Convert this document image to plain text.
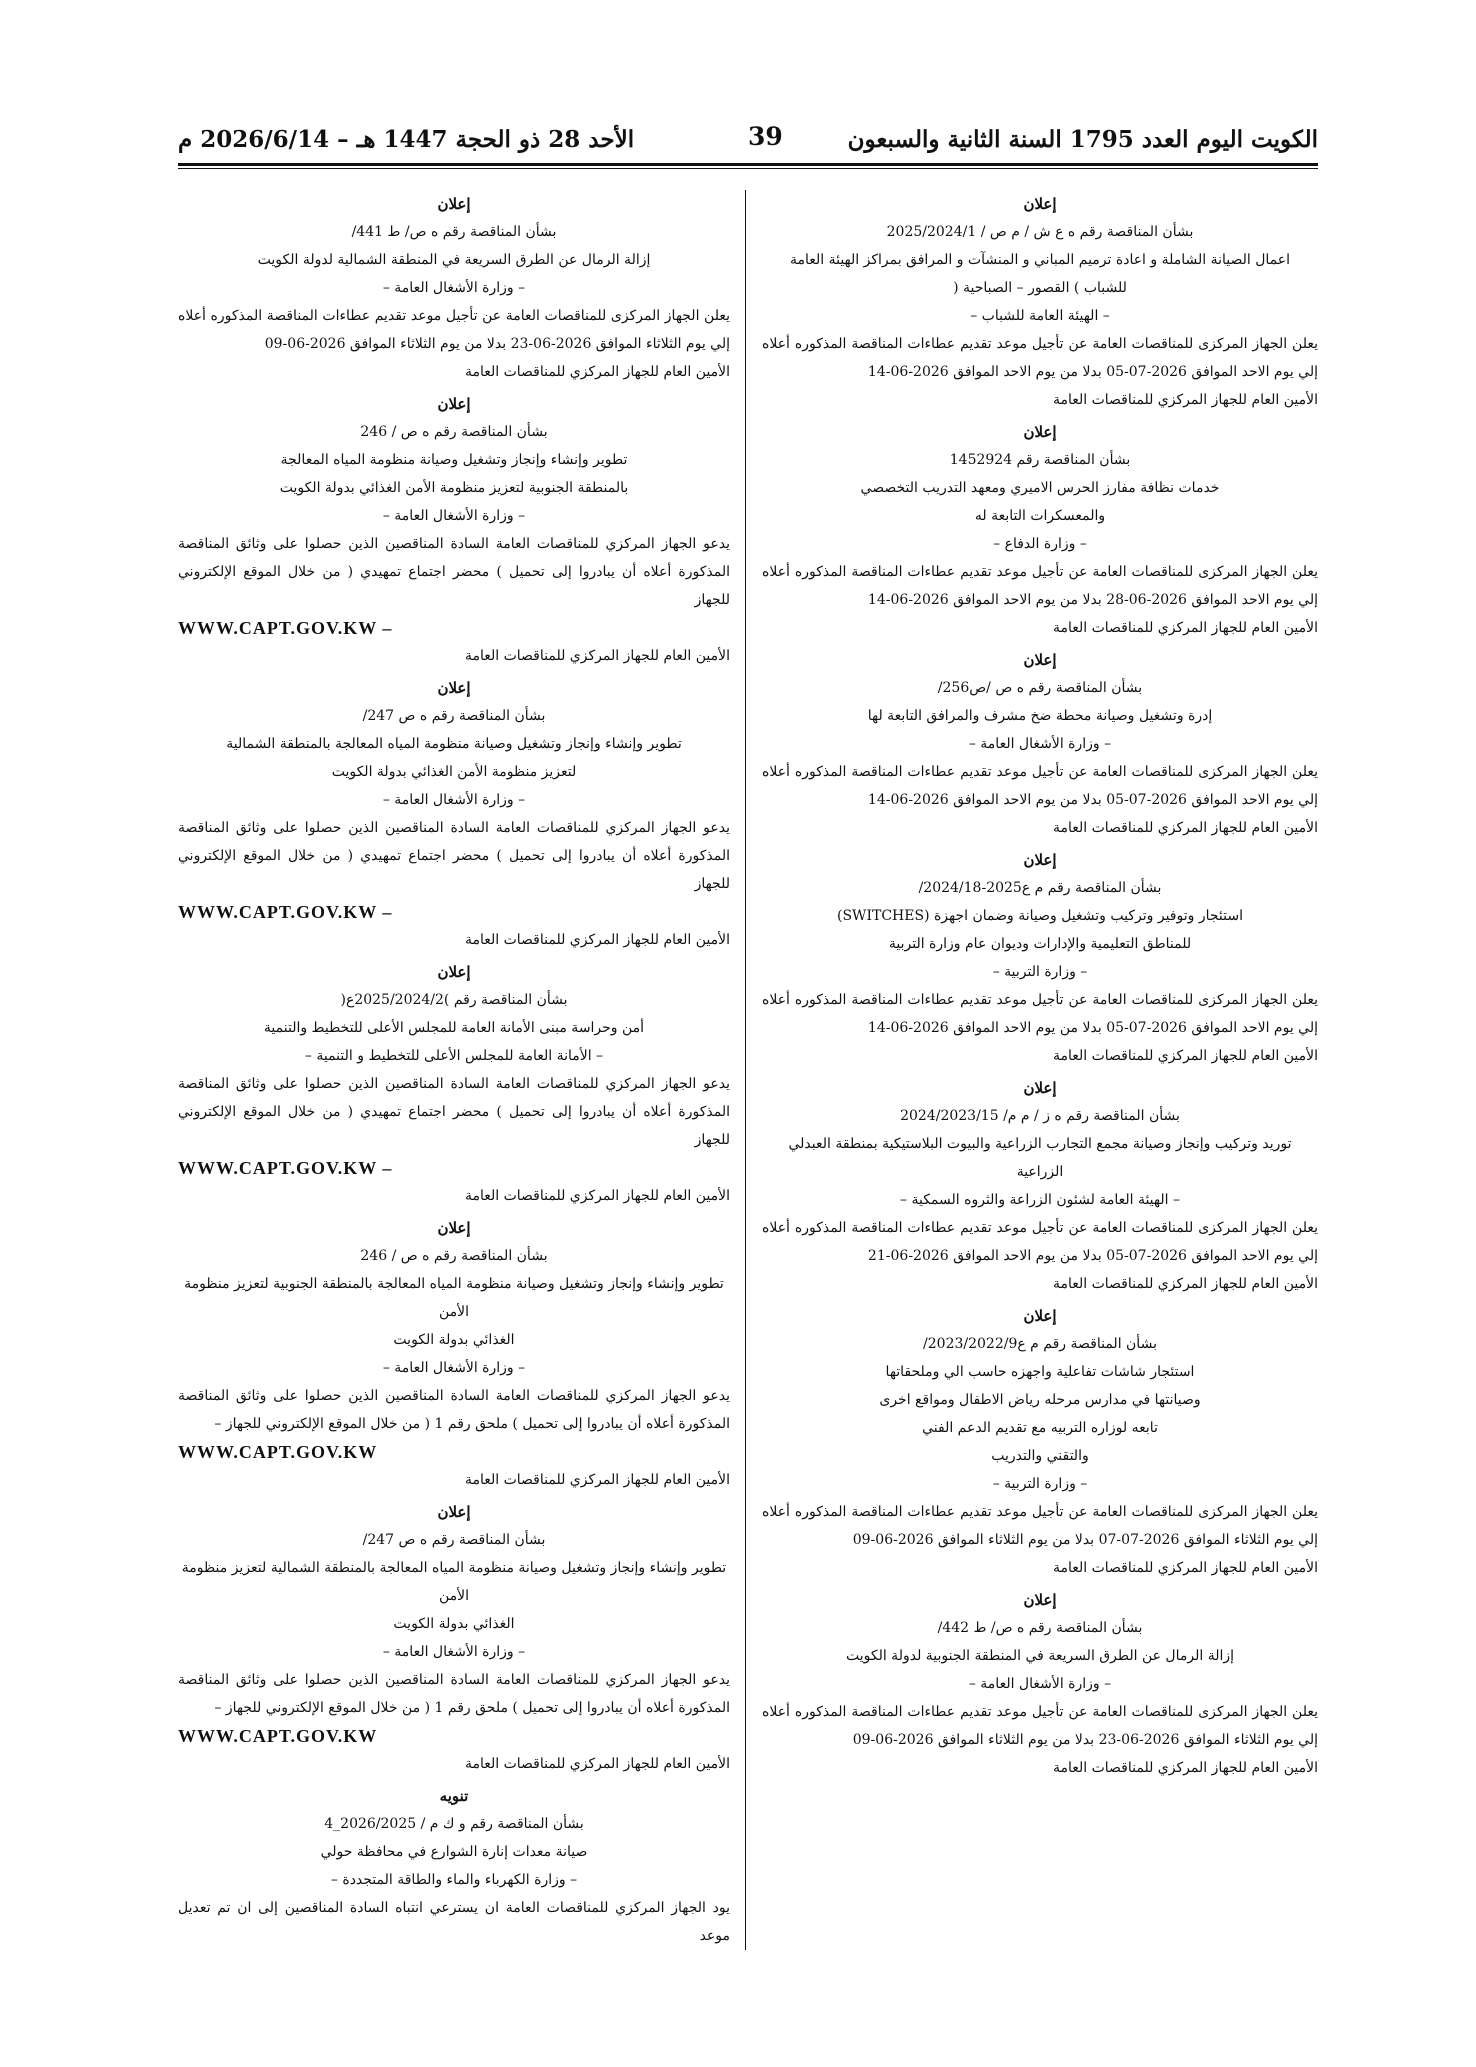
الكويت اليوم العدد 1795 السنة الثانية والسبعون
39
الأحد 28 ذو الحجة 1447 هـ – 2026/6/14 م
إعلان
بشأن المناقصة رقم ه ع ش / م ص / 2025/2024/1
اعمال الصيانة الشاملة و اعادة ترميم المباني و المنشآت و المرافق بمراكز الهيئة العامة
للشباب ) القصور – الصباحية (
– الهيئة العامة للشباب –
يعلن الجهاز المركزى للمناقصات العامة عن تأجيل موعد تقديم عطاءات المناقصة المذكوره أعلاه إلي يوم الاحد الموافق 2026-07-05 بدلا من يوم الاحد الموافق 2026-06-14
الأمين العام للجهاز المركزي للمناقصات العامة
إعلان
بشأن المناقصة رقم 1452924
خدمات نظافة مفارز الحرس الاميري ومعهد التدريب التخصصي
والمعسكرات التابعة له
– وزارة الدفاع –
يعلن الجهاز المركزى للمناقصات العامة عن تأجيل موعد تقديم عطاءات المناقصة المذكوره أعلاه إلي يوم الاحد الموافق 2026-06-28 بدلا من يوم الاحد الموافق 2026-06-14
الأمين العام للجهاز المركزي للمناقصات العامة
إعلان
بشأن المناقصة رقم ه ص /ص256/
إدرة وتشغيل وصيانة محطة ضخ مشرف والمرافق التابعة لها
– وزارة الأشغال العامة –
يعلن الجهاز المركزى للمناقصات العامة عن تأجيل موعد تقديم عطاءات المناقصة المذكوره أعلاه إلي يوم الاحد الموافق 2026-07-05 بدلا من يوم الاحد الموافق 2026-06-14
الأمين العام للجهاز المركزي للمناقصات العامة
إعلان
بشأن المناقصة رقم م ع2025-2024/18/
استئجار وتوفير وتركيب وتشغيل وصيانة وضمان اجهزة (SWITCHES)
للمناطق التعليمية والإدارات وديوان عام وزارة التربية
– وزارة التربية –
يعلن الجهاز المركزى للمناقصات العامة عن تأجيل موعد تقديم عطاءات المناقصة المذكوره أعلاه إلي يوم الاحد الموافق 2026-07-05 بدلا من يوم الاحد الموافق 2026-06-14
الأمين العام للجهاز المركزي للمناقصات العامة
إعلان
بشأن المناقصة رقم ه ز / م م/ 2024/2023/15
توريد وتركيب وإنجاز وصيانة مجمع التجارب الزراعية والبيوت البلاستيكية بمنطقة العبدلي
الزراعية
– الهيئة العامة لشئون الزراعة والثروه السمكية –
يعلن الجهاز المركزى للمناقصات العامة عن تأجيل موعد تقديم عطاءات المناقصة المذكوره أعلاه إلي يوم الاحد الموافق 2026-07-05 بدلا من يوم الاحد الموافق 2026-06-21
الأمين العام للجهاز المركزي للمناقصات العامة
إعلان
بشأن المناقصة رقم م ع2023/2022/9/
استئجار شاشات تفاعلية واجهزه حاسب الي وملحقاتها
وصيانتها في مدارس مرحله رياض الاطفال ومواقع اخرى
تابعه لوزاره التربيه مع تقديم الدعم الفني
والتقني والتدريب
– وزارة التربية –
يعلن الجهاز المركزى للمناقصات العامة عن تأجيل موعد تقديم عطاءات المناقصة المذكوره أعلاه إلي يوم الثلاثاء الموافق 2026-07-07 بدلا من يوم الثلاثاء الموافق 2026-06-09
الأمين العام للجهاز المركزي للمناقصات العامة
إعلان
بشأن المناقصة رقم ه ص/ ط 442/
إزالة الرمال عن الطرق السريعة في المنطقة الجنوبية لدولة الكويت
– وزارة الأشغال العامة –
يعلن الجهاز المركزى للمناقصات العامة عن تأجيل موعد تقديم عطاءات المناقصة المذكوره أعلاه إلي يوم الثلاثاء الموافق 2026-06-23 بدلا من يوم الثلاثاء الموافق 2026-06-09
الأمين العام للجهاز المركزي للمناقصات العامة
إعلان
بشأن المناقصة رقم ه ص/ ط 441/
إزالة الرمال عن الطرق السريعة في المنطقة الشمالية لدولة الكويت
– وزارة الأشغال العامة –
يعلن الجهاز المركزى للمناقصات العامة عن تأجيل موعد تقديم عطاءات المناقصة المذكوره أعلاه إلي يوم الثلاثاء الموافق 2026-06-23 بدلا من يوم الثلاثاء الموافق 2026-06-09
الأمين العام للجهاز المركزي للمناقصات العامة
إعلان
بشأن المناقصة رقم ه ص / 246
تطوير وإنشاء وإنجاز وتشغيل وصيانة منظومة المياه المعالجة
بالمنطقة الجنوبية لتعزيز منظومة الأمن الغذائي بدولة الكويت
– وزارة الأشغال العامة –
يدعو الجهاز المركزي للمناقصات العامة السادة المناقصين الذين حصلوا على وثائق المناقصة المذكورة أعلاه أن يبادروا إلى تحميل ) محضر اجتماع تمهيدي ( من خلال الموقع الإلكتروني للجهاز
WWW.CAPT.GOV.KW –
الأمين العام للجهاز المركزي للمناقصات العامة
إعلان
بشأن المناقصة رقم ه ص 247/
تطوير وإنشاء وإنجاز وتشغيل وصيانة منظومة المياه المعالجة بالمنطقة الشمالية
لتعزيز منظومة الأمن الغذائي بدولة الكويت
– وزارة الأشغال العامة –
يدعو الجهاز المركزي للمناقصات العامة السادة المناقصين الذين حصلوا على وثائق المناقصة المذكورة أعلاه أن يبادروا إلى تحميل ) محضر اجتماع تمهيدي ( من خلال الموقع الإلكتروني للجهاز
WWW.CAPT.GOV.KW –
الأمين العام للجهاز المركزي للمناقصات العامة
إعلان
بشأن المناقصة رقم )2025/2024/2ع(
أمن وحراسة مبنى الأمانة العامة للمجلس الأعلى للتخطيط والتنمية
– الأمانة العامة للمجلس الأعلى للتخطيط و التنمية –
يدعو الجهاز المركزي للمناقصات العامة السادة المناقصين الذين حصلوا على وثائق المناقصة المذكورة أعلاه أن يبادروا إلى تحميل ) محضر اجتماع تمهيدي ( من خلال الموقع الإلكتروني للجهاز
WWW.CAPT.GOV.KW –
الأمين العام للجهاز المركزي للمناقصات العامة
إعلان
بشأن المناقصة رقم ه ص / 246
تطوير وإنشاء وإنجاز وتشغيل وصيانة منظومة المياه المعالجة بالمنطقة الجنوبية لتعزيز منظومة الأمن
الغذائي بدولة الكويت
– وزارة الأشغال العامة –
يدعو الجهاز المركزي للمناقصات العامة السادة المناقصين الذين حصلوا على وثائق المناقصة المذكورة أعلاه أن يبادروا إلى تحميل ) ملحق رقم 1 ( من خلال الموقع الإلكتروني للجهاز –
WWW.CAPT.GOV.KW
الأمين العام للجهاز المركزي للمناقصات العامة
إعلان
بشأن المناقصة رقم ه ص 247/
تطوير وإنشاء وإنجاز وتشغيل وصيانة منظومة المياه المعالجة بالمنطقة الشمالية لتعزيز منظومة الأمن
الغذائي بدولة الكويت
– وزارة الأشغال العامة –
يدعو الجهاز المركزي للمناقصات العامة السادة المناقصين الذين حصلوا على وثائق المناقصة المذكورة أعلاه أن يبادروا إلى تحميل ) ملحق رقم 1 ( من خلال الموقع الإلكتروني للجهاز –
WWW.CAPT.GOV.KW
الأمين العام للجهاز المركزي للمناقصات العامة
تنويه
بشأن المناقصة رقم و ك م / 2026/2025_4
صيانة معدات إنارة الشوارع في محافظة حولي
– وزارة الكهرباء والماء والطاقة المتجددة –
يود الجهاز المركزي للمناقصات العامة ان يسترعي انتباه السادة المناقصين إلى ان تم تعديل موعد
